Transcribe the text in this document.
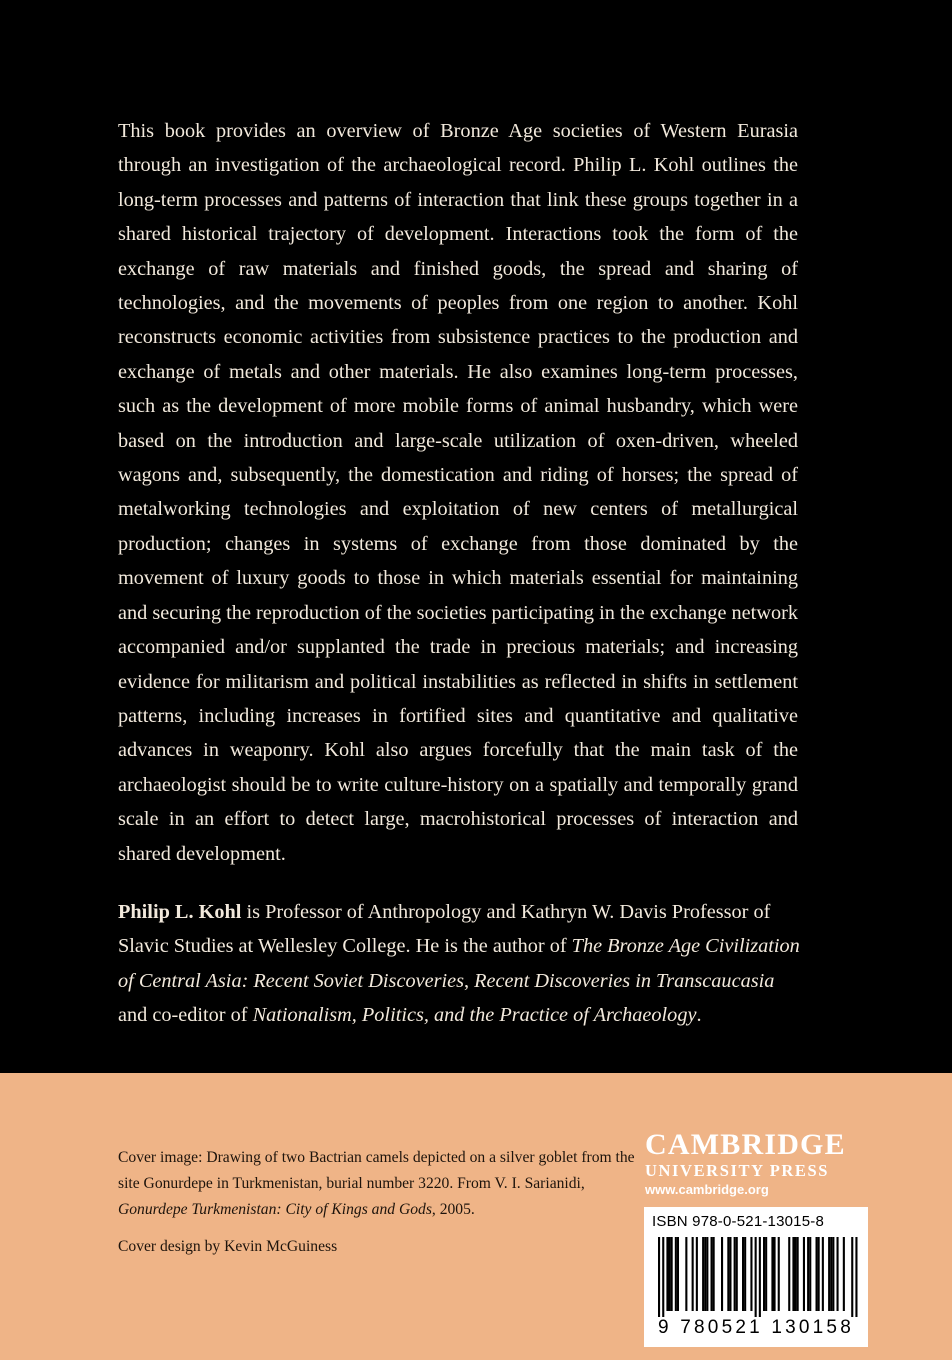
This book provides an overview of Bronze Age societies of Western Eurasia through an investigation of the archaeological record. Philip L. Kohl outlines the long-term processes and patterns of interaction that link these groups together in a shared historical trajectory of development. Interactions took the form of the exchange of raw materials and finished goods, the spread and sharing of technologies, and the movements of peoples from one region to another. Kohl reconstructs economic activities from subsistence practices to the production and exchange of metals and other materials. He also examines long-term processes, such as the development of more mobile forms of animal husbandry, which were based on the introduction and large-scale utilization of oxen-driven, wheeled wagons and, subsequently, the domestication and riding of horses; the spread of metalworking technologies and exploitation of new centers of metallurgical production; changes in systems of exchange from those dominated by the movement of luxury goods to those in which materials essential for maintaining and securing the reproduction of the societies participating in the exchange network accompanied and/or supplanted the trade in precious materials; and increasing evidence for militarism and political instabilities as reflected in shifts in settlement patterns, including increases in fortified sites and quantitative and qualitative advances in weaponry. Kohl also argues forcefully that the main task of the archaeologist should be to write culture-history on a spatially and temporally grand scale in an effort to detect large, macrohistorical processes of interaction and shared development.

Philip L. Kohl is Professor of Anthropology and Kathryn W. Davis Professor of Slavic Studies at Wellesley College. He is the author of The Bronze Age Civilization of Central Asia: Recent Soviet Discoveries, Recent Discoveries in Transcaucasia and co-editor of Nationalism, Politics, and the Practice of Archaeology.

Cover image: Drawing of two Bactrian camels depicted on a silver goblet from the site Gonurdepe in Turkmenistan, burial number 3220. From V. I. Sarianidi, Gonurdepe Turkmenistan: City of Kings and Gods, 2005.

Cover design by Kevin McGuiness

CAMBRIDGE
UNIVERSITY PRESS
www.cambridge.org
ISBN 978-0-521-13015-8
9 780521 130158
